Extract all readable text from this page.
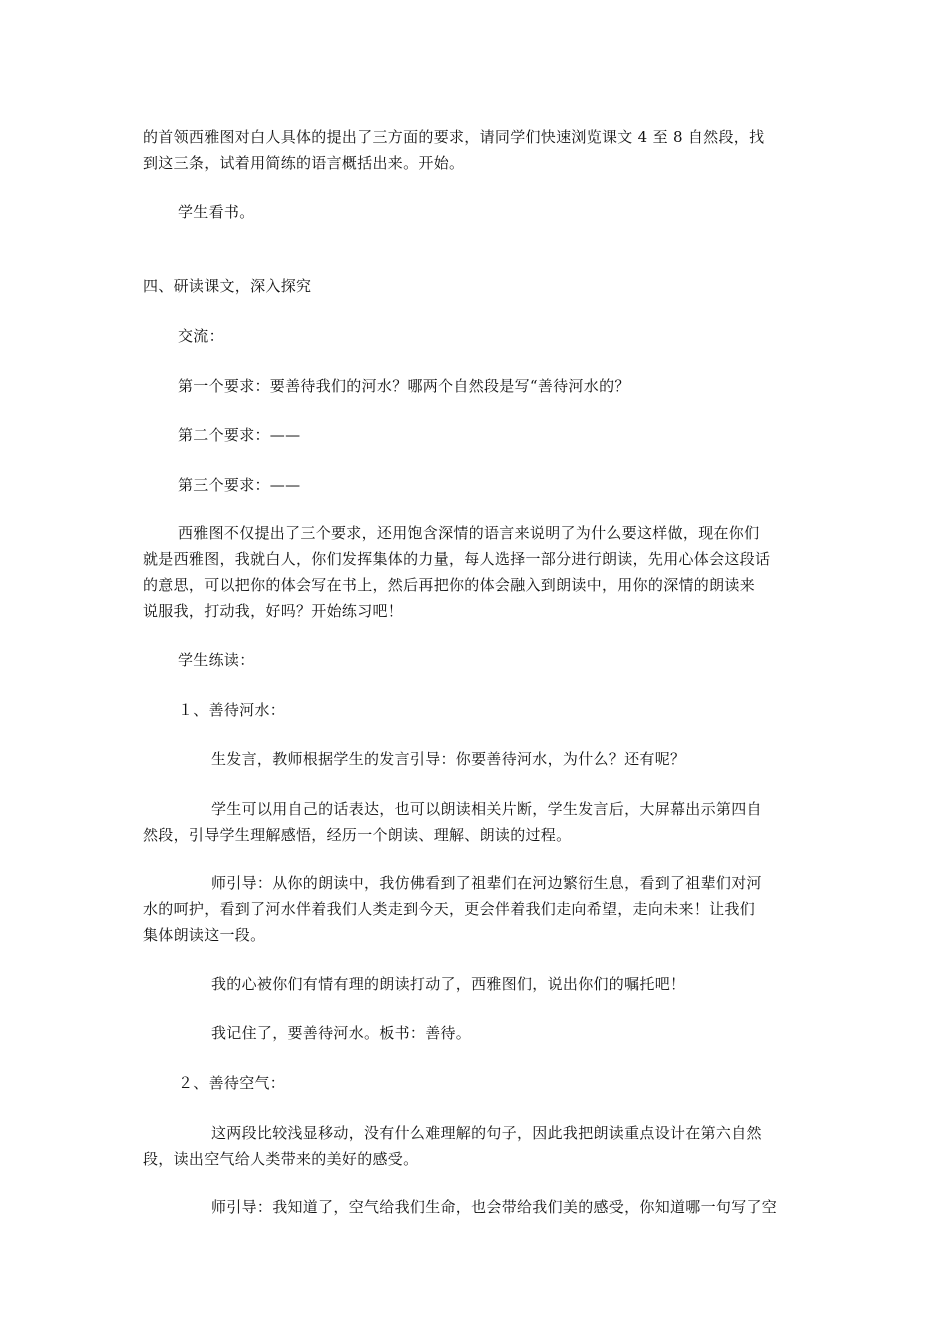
的首领西雅图对白人具体的提出了三方面的要求，请同学们快速浏览课文 4 至 8 自然段，找
到这三条，试着用简练的语言概括出来。开始。
学生看书。
四、研读课文，深入探究
交流：
第一个要求：要善待我们的河水？哪两个自然段是写“善待河水的？
第二个要求：——
第三个要求：——
西雅图不仅提出了三个要求，还用饱含深情的语言来说明了为什么要这样做，现在你们
就是西雅图，我就白人，你们发挥集体的力量，每人选择一部分进行朗读，先用心体会这段话
的意思，可以把你的体会写在书上，然后再把你的体会融入到朗读中，用你的深情的朗读来
说服我，打动我，好吗？开始练习吧！
学生练读：
１、善待河水：
生发言，教师根据学生的发言引导：你要善待河水，为什么？还有呢？
学生可以用自己的话表达，也可以朗读相关片断，学生发言后，大屏幕出示第四自
然段，引导学生理解感悟，经历一个朗读、理解、朗读的过程。
师引导：从你的朗读中，我仿佛看到了祖辈们在河边繁衍生息，看到了祖辈们对河
水的呵护，看到了河水伴着我们人类走到今天，更会伴着我们走向希望，走向未来！让我们
集体朗读这一段。
我的心被你们有情有理的朗读打动了，西雅图们，说出你们的嘱托吧！
我记住了，要善待河水。板书：善待。
２、善待空气：
这两段比较浅显移动，没有什么难理解的句子，因此我把朗读重点设计在第六自然
段，读出空气给人类带来的美好的感受。
师引导：我知道了，空气给我们生命，也会带给我们美的感受，你知道哪一句写了空
